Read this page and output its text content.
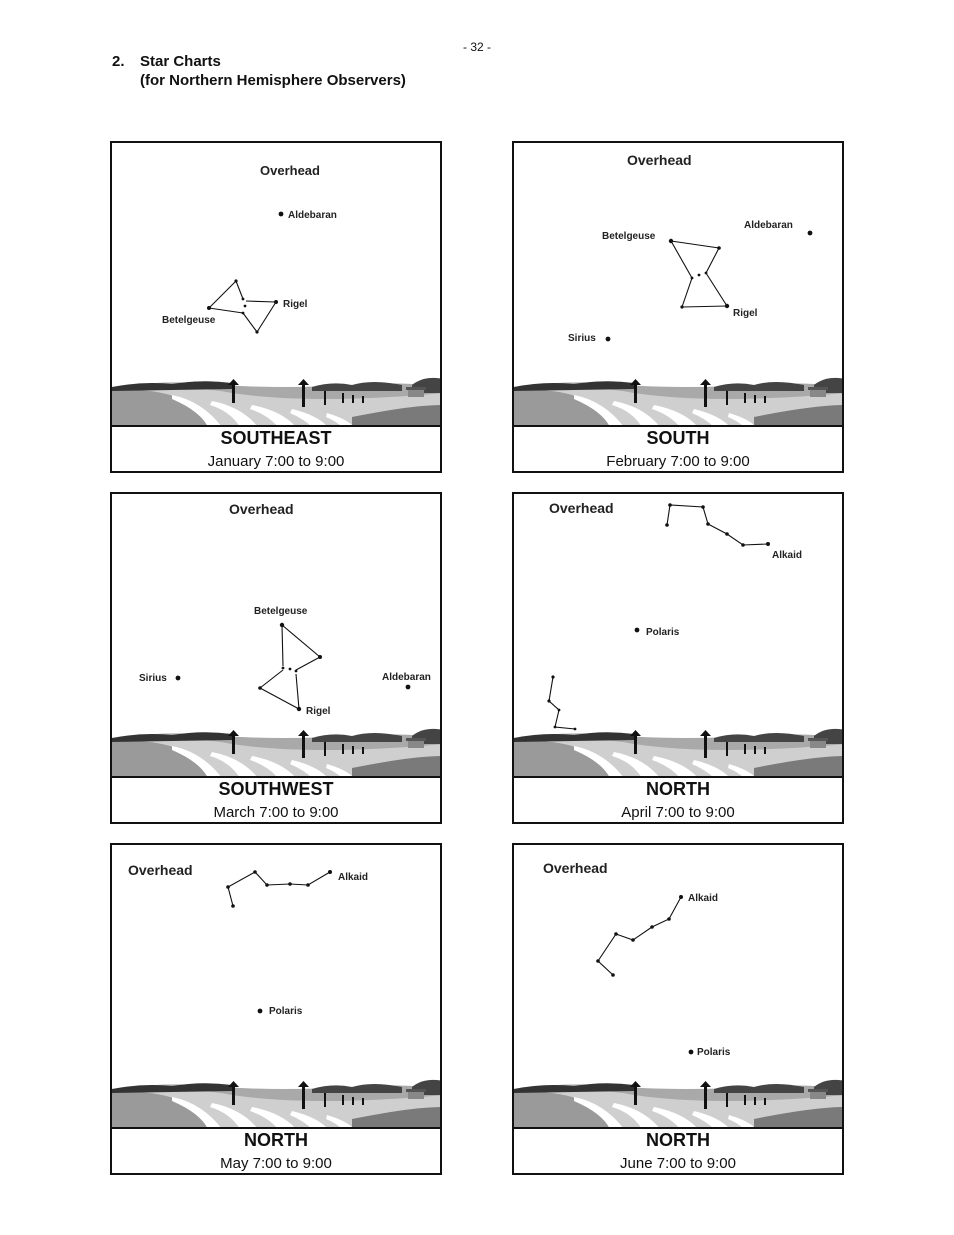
- 32 -
2. Star Charts
(for Northern Hemisphere Observers)
Overhead
Aldebaran
Rigel
Betelgeuse
SOUTHEAST
January 7:00 to 9:00
Overhead
Aldebaran
Betelgeuse
Rigel
Sirius
SOUTH
February 7:00 to 9:00
Overhead
Betelgeuse
Rigel
Sirius	Aldebaran
SOUTHWEST
March 7:00 to 9:00
Overhead
Alkaid
Polaris
NORTH
April 7:00 to 9:00
Overhead	Alkaid
Polaris
NORTH
May 7:00 to 9:00
Overhead
Alkaid
Polaris
NORTH
June 7:00 to 9:00
